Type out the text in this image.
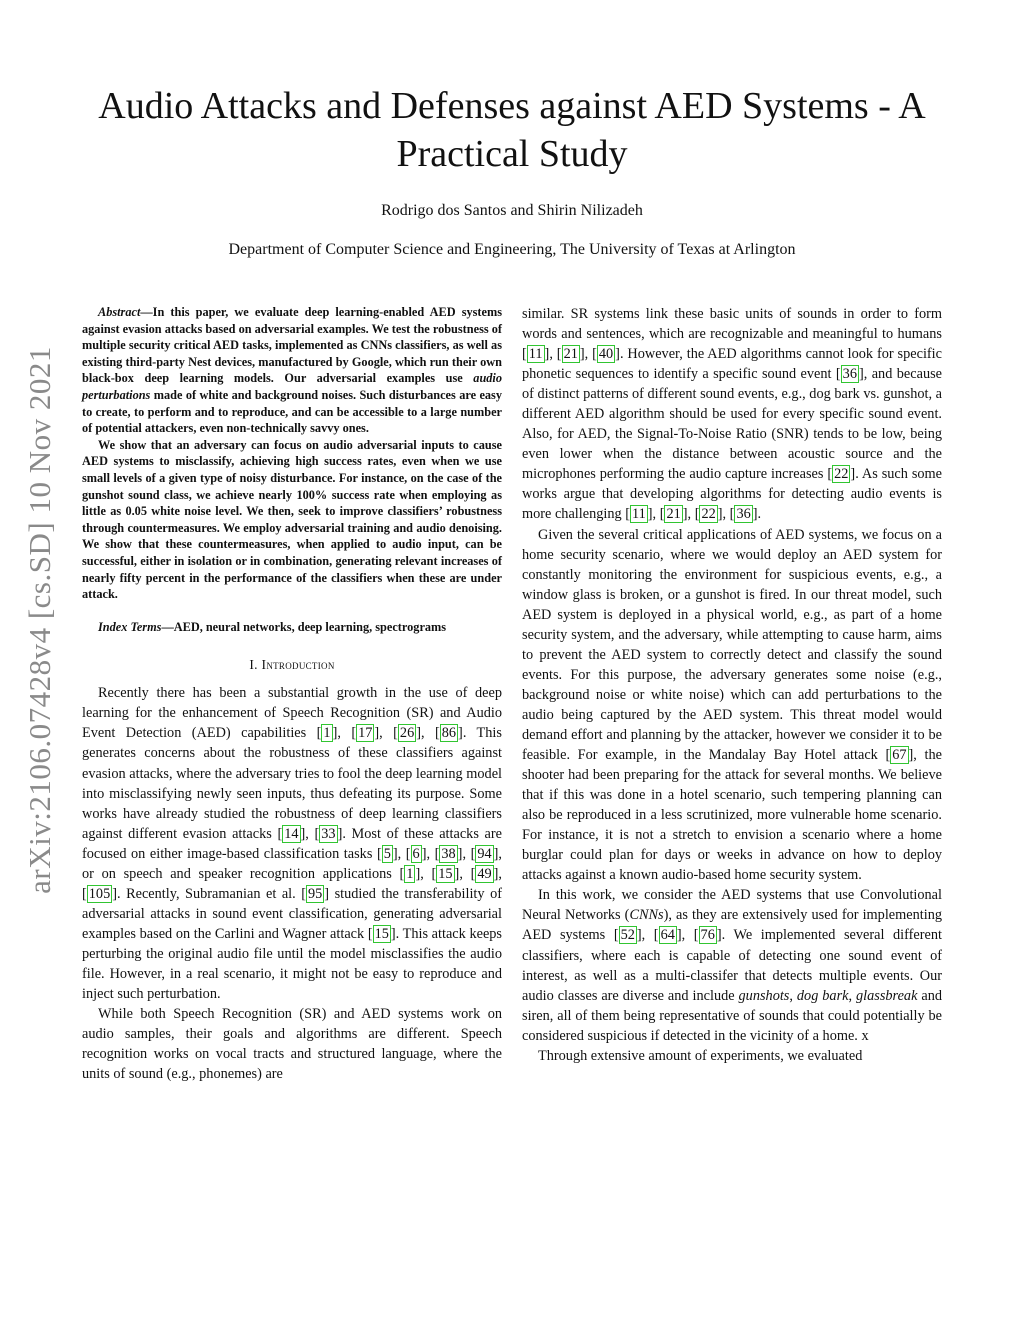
Audio Attacks and Defenses against AED Systems - A Practical Study
Rodrigo dos Santos and Shirin Nilizadeh
Department of Computer Science and Engineering, The University of Texas at Arlington
arXiv:2106.07428v4 [cs.SD] 10 Nov 2021

Abstract—In this paper, we evaluate deep learning-enabled AED systems against evasion attacks based on adversarial examples. We test the robustness of multiple security critical AED tasks, implemented as CNNs classifiers, as well as existing third-party Nest devices, manufactured by Google, which run their own black-box deep learning models. Our adversarial examples use audio perturbations made of white and background noises. Such disturbances are easy to create, to perform and to reproduce, and can be accessible to a large number of potential attackers, even non-technically savvy ones.

We show that an adversary can focus on audio adversarial inputs to cause AED systems to misclassify, achieving high success rates, even when we use small levels of a given type of noisy disturbance. For instance, on the case of the gunshot sound class, we achieve nearly 100% success rate when employing as little as 0.05 white noise level. We then, seek to improve classifiers’ robustness through countermeasures. We employ adversarial training and audio denoising. We show that these countermeasures, when applied to audio input, can be successful, either in isolation or in combination, generating relevant increases of nearly fifty percent in the performance of the classifiers when these are under attack.

Index Terms—AED, neural networks, deep learning, spectrograms

I. Introduction

Recently there has been a substantial growth in the use of deep learning for the enhancement of Speech Recognition (SR) and Audio Event Detection (AED) capabilities [ 1 ], [ 17 ], [ 26 ], [ 86 ]. This generates concerns about the robustness of these classifiers against evasion attacks, where the adversary tries to fool the deep learning model into misclassifying newly seen inputs, thus defeating its purpose. Some works have already studied the robustness of deep learning classifiers against different evasion attacks [ 14 ], [ 33 ]. Most of these attacks are focused on either image-based classification tasks [ 5 ], [ 6 ], [ 38 ], [ 94 ], or on speech and speaker recognition applications [ 1 ], [ 15 ], [ 49 ], [ 105 ]. Recently, Subramanian et al. [ 95 ] studied the transferability of adversarial attacks in sound event classification, generating adversarial examples based on the Carlini and Wagner attack [ 15 ]. This attack keeps perturbing the original audio file until the model misclassifies the audio file. However, in a real scenario, it might not be easy to reproduce and inject such perturbation.

While both Speech Recognition (SR) and AED systems work on audio samples, their goals and algorithms are different. Speech recognition works on vocal tracts and structured language, where the units of sound (e.g., phonemes) are

similar. SR systems link these basic units of sounds in order to form words and sentences, which are recognizable and meaningful to humans [ 11 ], [ 21 ], [ 40 ]. However, the AED algorithms cannot look for specific phonetic sequences to identify a specific sound event [ 36 ], and because of distinct patterns of different sound events, e.g., dog bark vs. gunshot, a different AED algorithm should be used for every specific sound event. Also, for AED, the Signal-To-Noise Ratio (SNR) tends to be low, being even lower when the distance between acoustic source and the microphones performing the audio capture increases [ 22 ]. As such some works argue that developing algorithms for detecting audio events is more challenging [ 11 ], [ 21 ], [ 22 ], [ 36 ].

Given the several critical applications of AED systems, we focus on a home security scenario, where we would deploy an AED system for constantly monitoring the environment for suspicious events, e.g., a window glass is broken, or a gunshot is fired. In our threat model, such AED system is deployed in a physical world, e.g., as part of a home security system, and the adversary, while attempting to cause harm, aims to prevent the AED system to correctly detect and classify the sound events. For this purpose, the adversary generates some noise (e.g., background noise or white noise) which can add perturbations to the audio being captured by the AED system. This threat model would demand effort and planning by the attacker, however we consider it to be feasible. For example, in the Mandalay Bay Hotel attack [ 67 ], the shooter had been preparing for the attack for several months. We believe that if this was done in a hotel scenario, such tempering planning can also be reproduced in a less scrutinized, more vulnerable home scenario. For instance, it is not a stretch to envision a scenario where a home burglar could plan for days or weeks in advance on how to deploy attacks against a known audio-based home security system.

In this work, we consider the AED systems that use Convolutional Neural Networks (CNNs), as they are extensively used for implementing AED systems [ 52 ], [ 64 ], [ 76 ]. We implemented several different classifiers, where each is capable of detecting one sound event of interest, as well as a multi-classifer that detects multiple events. Our audio classes are diverse and include gunshots, dog bark, glassbreak and siren, all of them being representative of sounds that could potentially be considered suspicious if detected in the vicinity of a home. x

Through extensive amount of experiments, we evaluated
